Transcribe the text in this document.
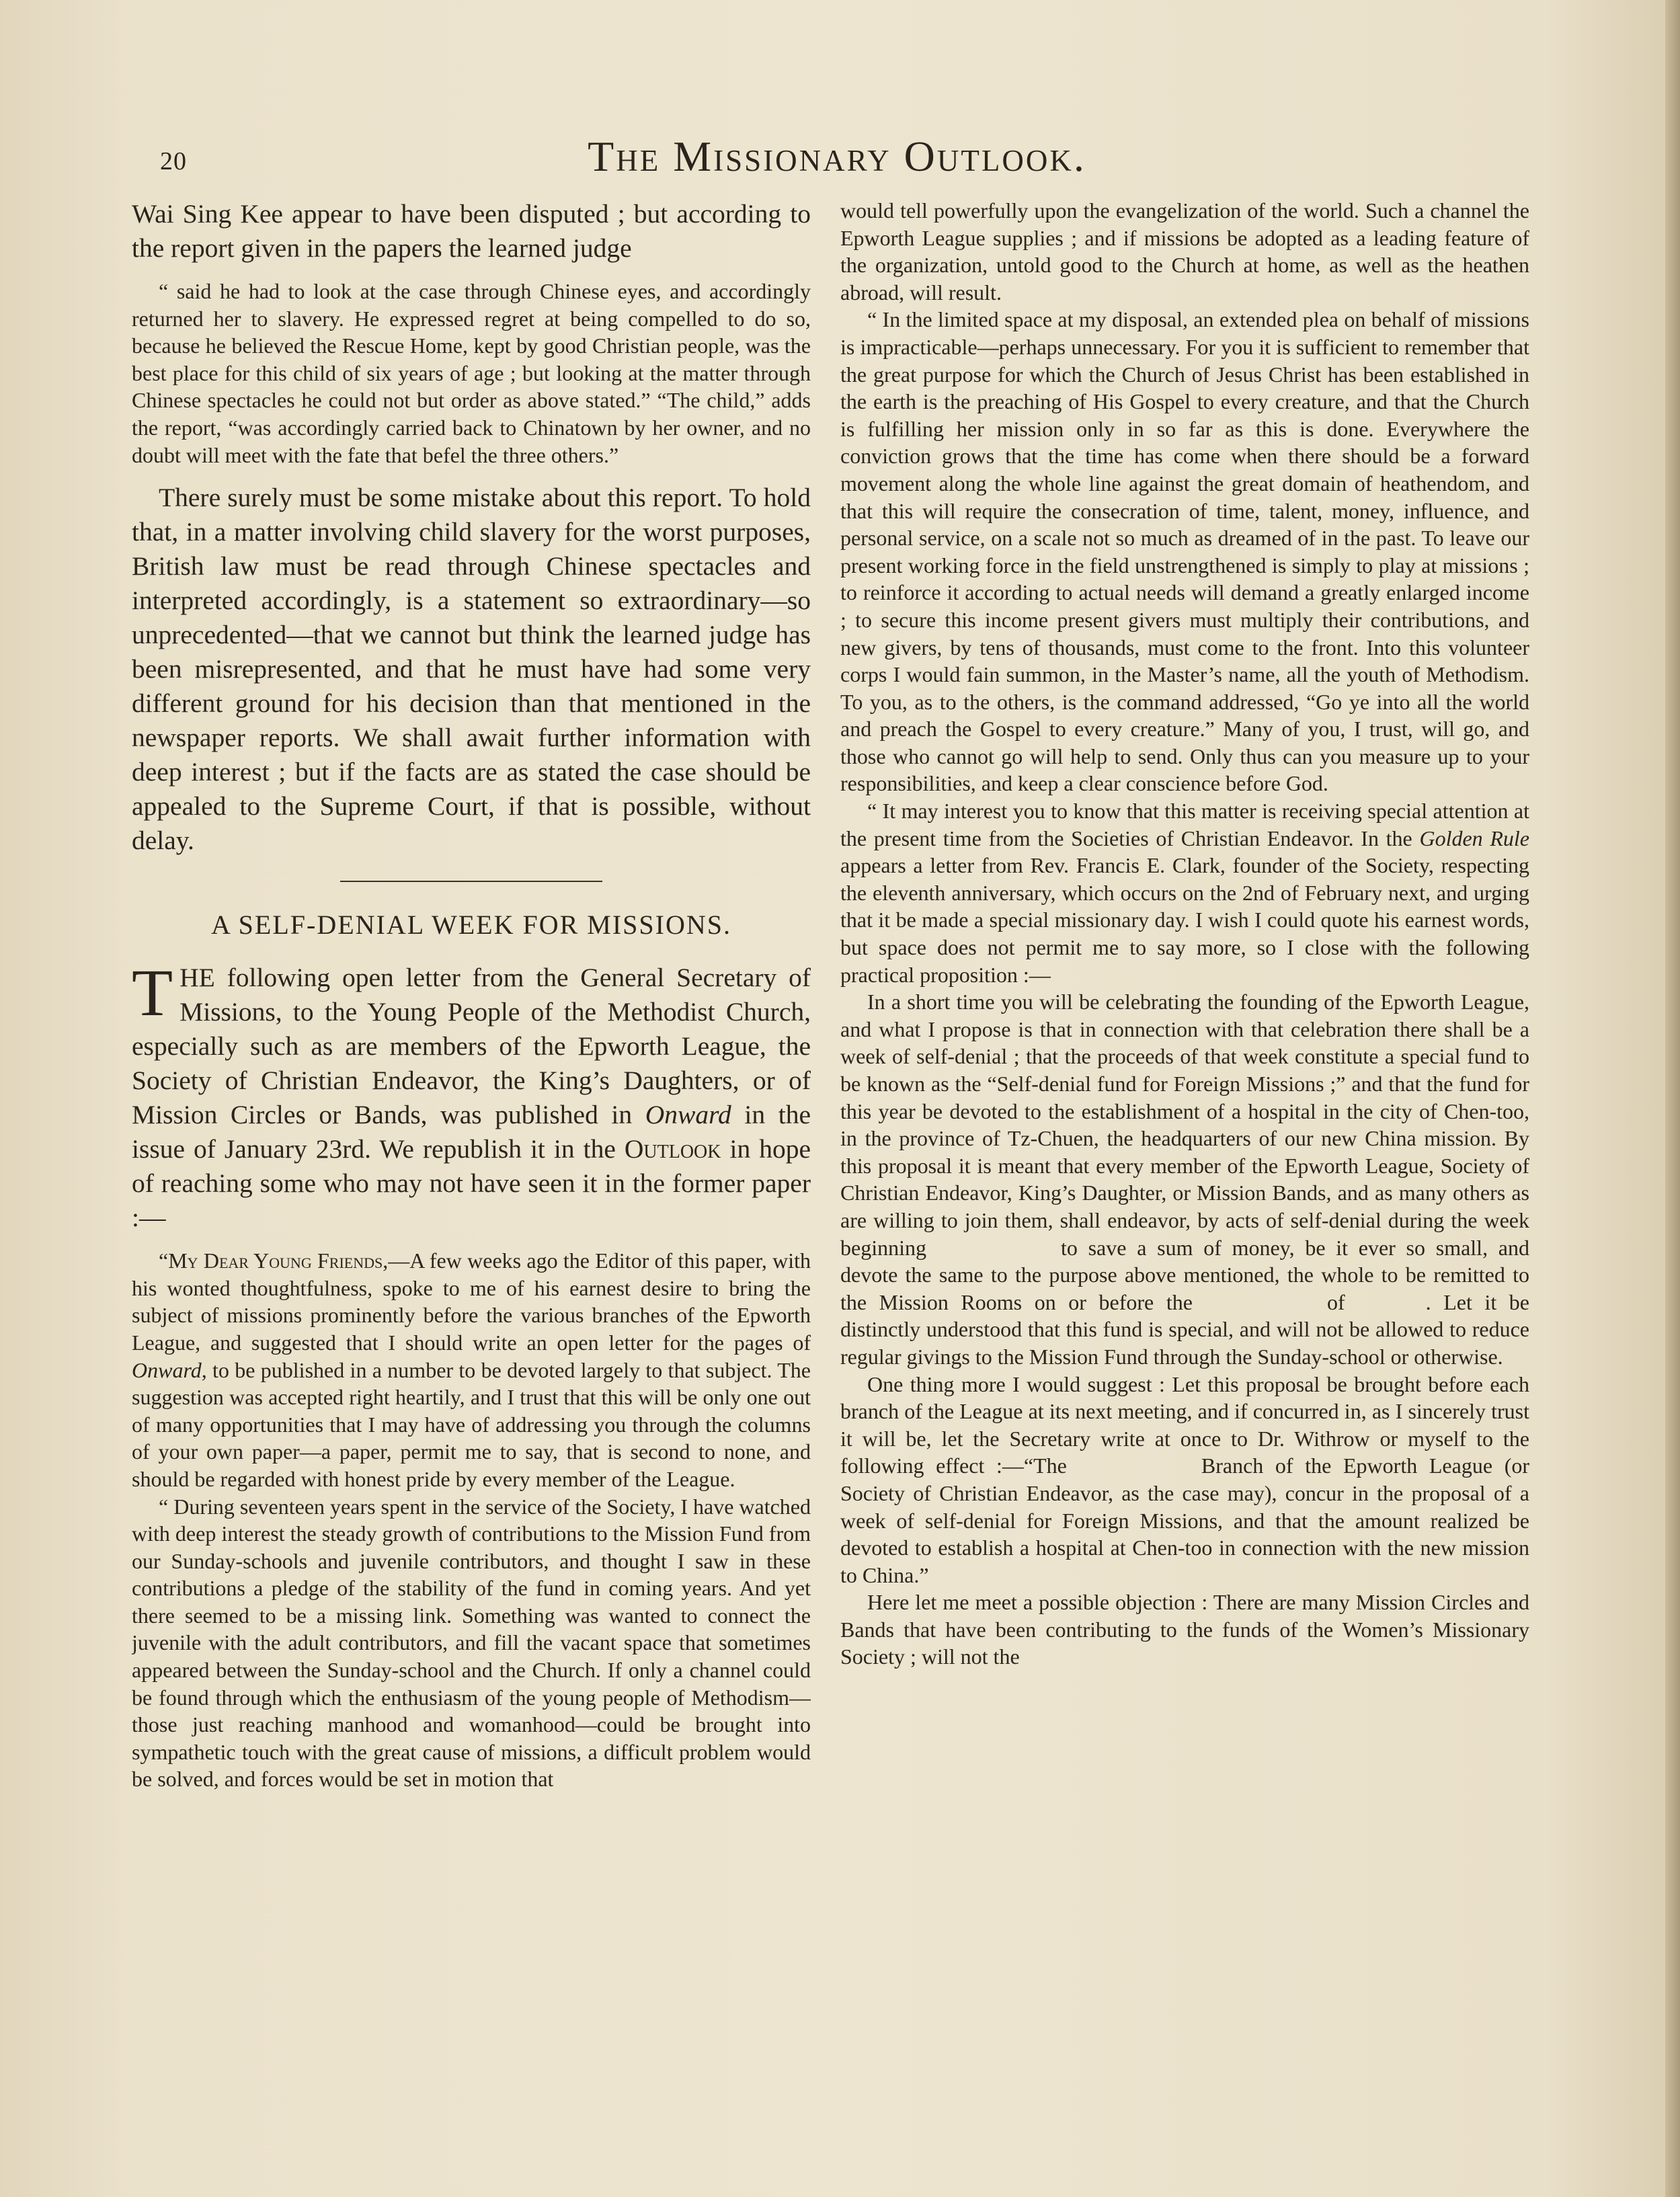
20	The Missionary Outlook.

Wai Sing Kee appear to have been disputed ; but according to the report given in the papers the learned judge

“ said he had to look at the case through Chinese eyes, and accordingly returned her to slavery. He expressed regret at being compelled to do so, because he believed the Rescue Home, kept by good Christian people, was the best place for this child of six years of age ; but looking at the matter through Chinese spectacles he could not but order as above stated.” “The child,” adds the report, “was accordingly carried back to Chinatown by her owner, and no doubt will meet with the fate that befel the three others.”

There surely must be some mistake about this report. To hold that, in a matter involving child slavery for the worst purposes, British law must be read through Chinese spectacles and interpreted accordingly, is a statement so extraordinary—so unprecedented—that we cannot but think the learned judge has been misrepresented, and that he must have had some very different ground for his decision than that mentioned in the newspaper reports. We shall await further information with deep interest ; but if the facts are as stated the case should be appealed to the Supreme Court, if that is possible, without delay.

A SELF-DENIAL WEEK FOR MISSIONS.

THE following open letter from the General Secretary of Missions, to the Young People of the Methodist Church, especially such as are members of the Epworth League, the Society of Christian Endeavor, the King’s Daughters, or of Mission Circles or Bands, was published in Onward in the issue of January 23rd. We republish it in the Outlook in hope of reaching some who may not have seen it in the former paper :—

“My Dear Young Friends,—A few weeks ago the Editor of this paper, with his wonted thoughtfulness, spoke to me of his earnest desire to bring the subject of missions prominently before the various branches of the Epworth League, and suggested that I should write an open letter for the pages of Onward, to be published in a number to be devoted largely to that subject. The suggestion was accepted right heartily, and I trust that this will be only one out of many opportunities that I may have of addressing you through the columns of your own paper—a paper, permit me to say, that is second to none, and should be regarded with honest pride by every member of the League.

“ During seventeen years spent in the service of the Society, I have watched with deep interest the steady growth of contributions to the Mission Fund from our Sunday-schools and juvenile contributors, and thought I saw in these contributions a pledge of the stability of the fund in coming years. And yet there seemed to be a missing link. Something was wanted to connect the juvenile with the adult contributors, and fill the vacant space that sometimes appeared between the Sunday-school and the Church. If only a channel could be found through which the enthusiasm of the young people of Methodism—those just reaching manhood and womanhood—could be brought into sympathetic touch with the great cause of missions, a difficult problem would be solved, and forces would be set in motion that

would tell powerfully upon the evangelization of the world. Such a channel the Epworth League supplies ; and if missions be adopted as a leading feature of the organization, untold good to the Church at home, as well as the heathen abroad, will result.

“ In the limited space at my disposal, an extended plea on behalf of missions is impracticable—perhaps unnecessary. For you it is sufficient to remember that the great purpose for which the Church of Jesus Christ has been established in the earth is the preaching of His Gospel to every creature, and that the Church is fulfilling her mission only in so far as this is done. Everywhere the conviction grows that the time has come when there should be a forward movement along the whole line against the great domain of heathendom, and that this will require the consecration of time, talent, money, influence, and personal service, on a scale not so much as dreamed of in the past. To leave our present working force in the field unstrengthened is simply to play at missions ; to reinforce it according to actual needs will demand a greatly enlarged income ; to secure this income present givers must multiply their contributions, and new givers, by tens of thousands, must come to the front. Into this volunteer corps I would fain summon, in the Master’s name, all the youth of Methodism. To you, as to the others, is the command addressed, “Go ye into all the world and preach the Gospel to every creature.” Many of you, I trust, will go, and those who cannot go will help to send. Only thus can you measure up to your responsibilities, and keep a clear conscience before God.

“ It may interest you to know that this matter is receiving special attention at the present time from the Societies of Christian Endeavor. In the Golden Rule appears a letter from Rev. Francis E. Clark, founder of the Society, respecting the eleventh anniversary, which occurs on the 2nd of February next, and urging that it be made a special missionary day. I wish I could quote his earnest words, but space does not permit me to say more, so I close with the following practical proposition :—

In a short time you will be celebrating the founding of the Epworth League, and what I propose is that in connection with that celebration there shall be a week of self-denial ; that the proceeds of that week constitute a special fund to be known as the “Self-denial fund for Foreign Missions ;” and that the fund for this year be devoted to the establishment of a hospital in the city of Chen-too, in the province of Tz-Chuen, the headquarters of our new China mission. By this proposal it is meant that every member of the Epworth League, Society of Christian Endeavor, King’s Daughter, or Mission Bands, and as many others as are willing to join them, shall endeavor, by acts of self-denial during the week beginning	to save a sum of money, be it ever so small, and devote the same to the purpose above mentioned, the whole to be remitted to the Mission Rooms on or before the	of	. Let it be distinctly understood that this fund is special, and will not be allowed to reduce regular givings to the Mission Fund through the Sunday-school or otherwise.

One thing more I would suggest : Let this proposal be brought before each branch of the League at its next meeting, and if concurred in, as I sincerely trust it will be, let the Secretary write at once to Dr. Withrow or myself to the following effect :—“The	Branch of the Epworth League (or Society of Christian Endeavor, as the case may), concur in the proposal of a week of self-denial for Foreign Missions, and that the amount realized be devoted to establish a hospital at Chen-too in connection with the new mission to China.”

Here let me meet a possible objection : There are many Mission Circles and Bands that have been contributing to the funds of the Women’s Missionary Society ; will not the
